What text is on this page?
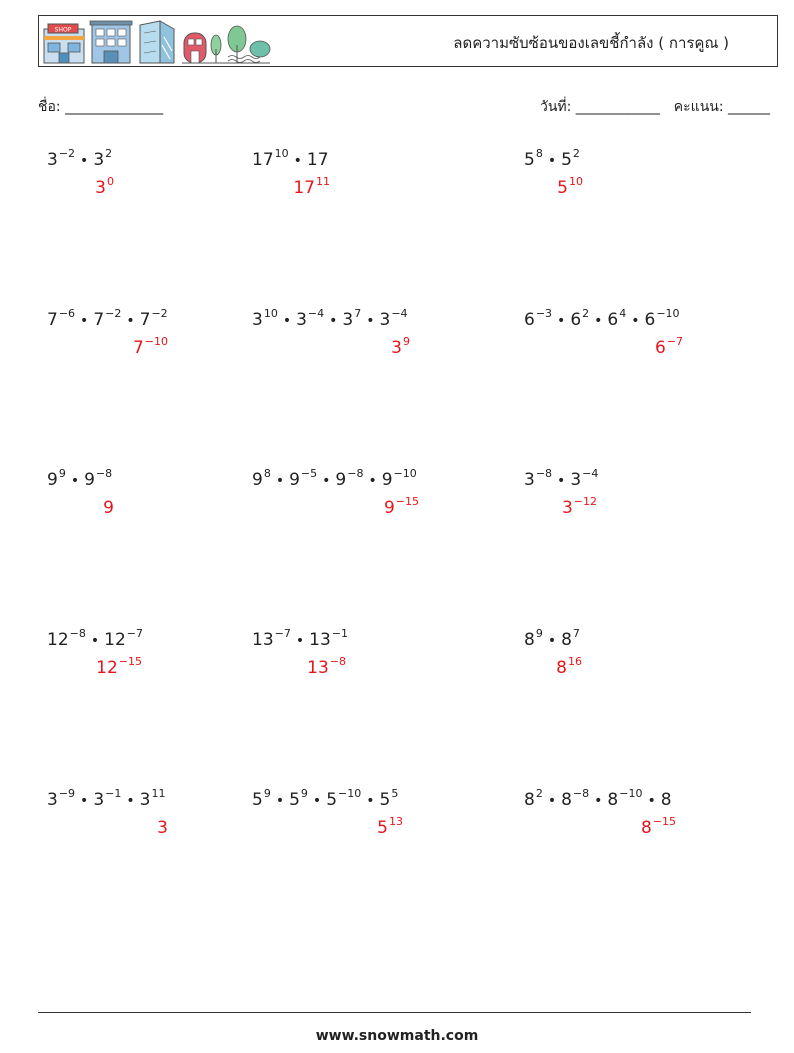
SHOP
ลดความซับซ้อนของเลขชี้กำลัง ( การคูณ )
ชื่อ: ______________	วันที่: ____________ คะแนน: ______
$3^{-2}$ • $3^2$
$3^0$
$17^{10}$ • 17
$17^{11}$
$5^8$ • $5^2$
$5^{10}$
$7^{-6}$ • $7^{-2}$ • $7^{-2}$
$7^{-10}$
$3^{10}$ • $3^{-4}$ • $3^7$ • $3^{-4}$
$3^9$
$6^{-3}$ • $6^2$ • $6^4$ • $6^{-10}$
$6^{-7}$
$9^9$ • $9^{-8}$
9
$9^8$ • $9^{-5}$ • $9^{-8}$ • $9^{-10}$
$9^{-15}$
$3^{-8}$ • $3^{-4}$
$3^{-12}$
$12^{-8}$ • $12^{-7}$
$12^{-15}$
$13^{-7}$ • $13^{-1}$
$13^{-8}$
$8^9$ • $8^7$
$8^{16}$
$3^{-9}$ • $3^{-1}$ • $3^{11}$
3
$5^9$ • $5^9$ • $5^{-10}$ • $5^5$
$5^{13}$
$8^2$ • $8^{-8}$ • $8^{-10}$ • 8
$8^{-15}$
www.snowmath.com
